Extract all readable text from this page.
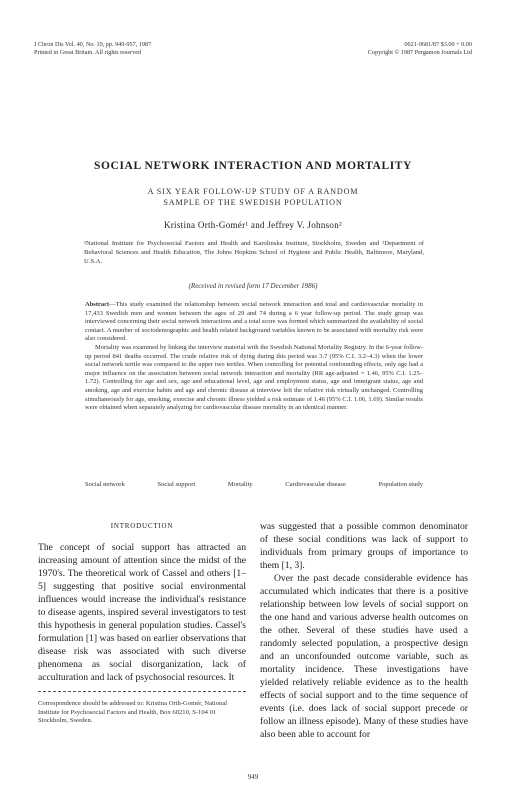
J Chron Dis Vol. 40, No. 10, pp. 949-957, 1987
Printed in Great Britain. All rights reserved
0021-9681/87 $3.00 + 0.00
Copyright © 1987 Pergamon Journals Ltd
SOCIAL NETWORK INTERACTION AND MORTALITY
A SIX YEAR FOLLOW-UP STUDY OF A RANDOM
SAMPLE OF THE SWEDISH POPULATION
Kristina Orth-Gomér¹ and Jeffrey V. Johnson²
¹National Institute for Psychosocial Factors and Health and Karolinska Institute, Stockholm, Sweden and ²Department of Behavioral Sciences and Health Education, The Johns Hopkins School of Hygiene and Public Health, Baltimore, Maryland, U.S.A.
(Received in revised form 17 December 1986)

Abstract—This study examined the relationship between social network interaction and total and cardiovascular mortality in 17,433 Swedish men and women between the ages of 29 and 74 during a 6 year follow-up period. The study group was interviewed concerning their social network interactions and a total score was formed which summarized the availability of social contact. A number of sociodemographic and health related background variables known to be associated with mortality risk were also considered.

Mortality was examined by linking the interview material with the Swedish National Mortality Registry. In the 6-year follow-up period 841 deaths occurred. The crude relative risk of dying during this period was 3.7 (95% C.I. 3.2–4.3) when the lower social network tertile was compared to the upper two tertiles. When controlling for potential confounding effects, only age had a major influence on the association between social network interaction and mortality (RR age-adjusted = 1.46, 95% C.I. 1.25–1.72). Controlling for age and sex, age and educational level, age and employment status, age and immigrant status, age and smoking, age and exercise habits and age and chronic disease at interview left the relative risk virtually unchanged. Controlling simultaneously for age, smoking, exercise and chronic illness yielded a risk estimate of 1.46 (95% C.I. 1.06, 1.69). Similar results were obtained when separately analyzing for cardiovascular disease mortality in an identical manner.

Social network	Social support	Mortality	Cardiovascular disease	Population study
INTRODUCTION

The concept of social support has attracted an increasing amount of attention since the midst of the 1970's. The theoretical work of Cassel and others [1–5] suggesting that positive social environmental influences would increase the individual's resistance to disease agents, inspired several investigators to test this hypothesis in general population studies. Cassel's formulation [1] was based on earlier observations that disease risk was associated with such diverse phenomena as social disorganization, lack of acculturation and lack of psychosocial resources. It

was suggested that a possible common denominator of these social conditions was lack of support to individuals from primary groups of importance to them [1, 3].

Over the past decade considerable evidence has accumulated which indicates that there is a positive relationship between low levels of social support on the one hand and various adverse health outcomes on the other. Several of these studies have used a randomly selected population, a prospective design and an unconfounded outcome variable, such as mortality incidence. These investigations have yielded relatively reliable evidence as to the health effects of social support and to the time sequence of events (i.e. does lack of social support precede or follow an illness episode). Many of these studies have also been able to account for

Correspondence should be addressed to: Kristina Orth-Gomér, National Institute for Psychosocial Factors and Health, Box 60210, S-104 01 Stockholm, Sweden.
949
